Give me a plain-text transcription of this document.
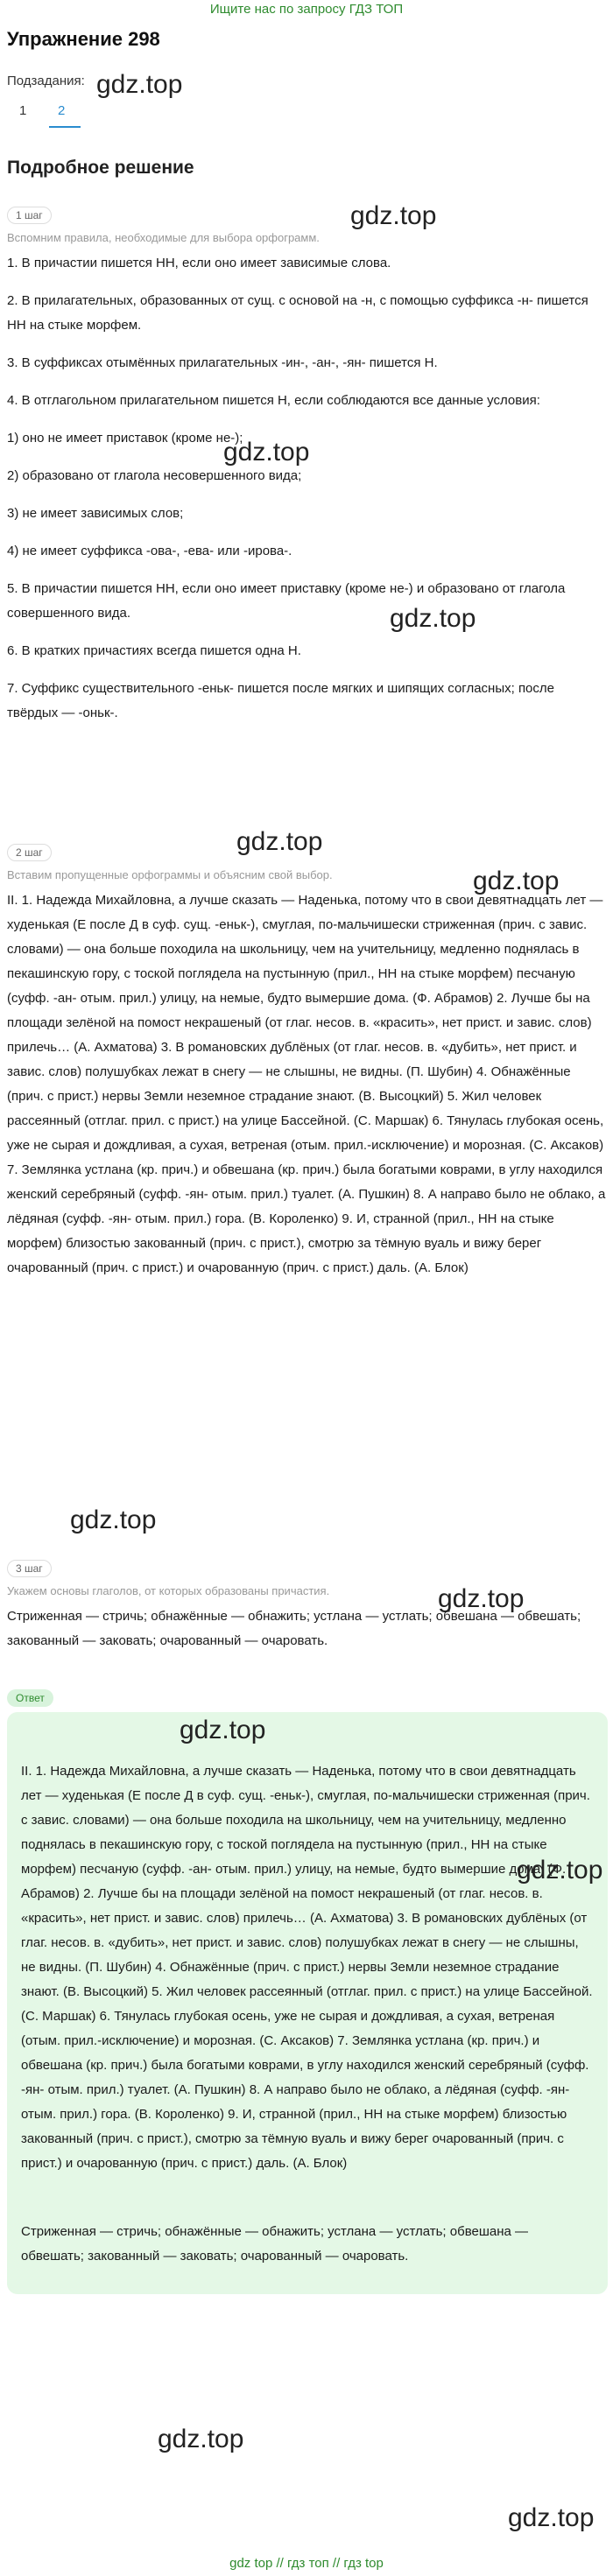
Ищите нас по запросу ГДЗ ТОП
Упражнение 298
Подзадания:
1 2
Подробное решение
1 шаг
Вспомним правила, необходимые для выбора орфограмм.

1. В причастии пишется НН, если оно имеет зависимые слова.

2. В прилагательных, образованных от сущ. с основой на -н, с помощью суффикса -н- пишется НН на стыке морфем.

3. В суффиксах отымённых прилагательных -ин-, -ан-, -ян- пишется Н.

4. В отглагольном прилагательном пишется Н, если соблюдаются все данные условия:

1) оно не имеет приставок (кроме не-);

2) образовано от глагола несовершенного вида;

3) не имеет зависимых слов;

4) не имеет суффикса -ова-, -ева- или -ирова-.

5. В причастии пишется НН, если оно имеет приставку (кроме не-) и образовано от глагола совершенного вида.

6. В кратких причастиях всегда пишется одна Н.

7. Суффикс существительного -еньк- пишется после мягких и шипящих согласных; после твёрдых — -оньк-.

2 шаг
Вставим пропущенные орфограммы и объясним свой выбор.

II. 1. Надежда Михайловна, а лучше сказать — Наденька, потому что в свои девятнадцать лет — худенькая (Е после Д в суф. сущ. -еньк-), смуглая, по-мальчишески стриженная (прич. с завис. словами) — она больше походила на школьницу, чем на учительницу, медленно поднялась в пекашинскую гору, с тоской поглядела на пустынную (прил., НН на стыке морфем) песчаную (суфф. -ан- отым. прил.) улицу, на немые, будто вымершие дома. (Ф. Абрамов) 2. Лучше бы на площади зелёной на помост некрашеный (от глаг. несов. в. «красить», нет прист. и завис. слов) прилечь… (А. Ахматова) 3. В романовских дублёных (от глаг. несов. в. «дубить», нет прист. и завис. слов) полушубках лежат в снегу — не слышны, не видны. (П. Шубин) 4. Обнажённые (прич. с прист.) нервы Земли неземное страдание знают. (В. Высоцкий) 5. Жил человек рассеянный (отглаг. прил. с прист.) на улице Бассейной. (С. Маршак) 6. Тянулась глубокая осень, уже не сырая и дождливая, а сухая, ветреная (отым. прил.-исключение) и морозная. (С. Аксаков) 7. Землянка устлана (кр. прич.) и обвешана (кр. прич.) была богатыми коврами, в углу находился женский серебряный (суфф. -ян- отым. прил.) туалет. (А. Пушкин) 8. А направо было не облако, а лёдяная (суфф. -ян- отым. прил.) гора. (В. Короленко) 9. И, странной (прил., НН на стыке морфем) близостью закованный (прич. с прист.), смотрю за тёмную вуаль и вижу берег очарованный (прич. с прист.) и очарованную (прич. с прист.) даль. (А. Блок)

3 шаг
Укажем основы глаголов, от которых образованы причастия.

Стриженная — стричь; обнажённые — обнажить; устлана — устлать; обвешана — обвешать; закованный — заковать; очарованный — очаровать.

Ответ

II. 1. Надежда Михайловна, а лучше сказать — Наденька, потому что в свои девятнадцать лет — худенькая (Е после Д в суф. сущ. -еньк-), смуглая, по-мальчишески стриженная (прич. с завис. словами) — она больше походила на школьницу, чем на учительницу, медленно поднялась в пекашинскую гору, с тоской поглядела на пустынную (прил., НН на стыке морфем) песчаную (суфф. -ан- отым. прил.) улицу, на немые, будто вымершие дома. (Ф. Абрамов) 2. Лучше бы на площади зелёной на помост некрашеный (от глаг. несов. в. «красить», нет прист. и завис. слов) прилечь… (А. Ахматова) 3. В романовских дублёных (от глаг. несов. в. «дубить», нет прист. и завис. слов) полушубках лежат в снегу — не слышны, не видны. (П. Шубин) 4. Обнажённые (прич. с прист.) нервы Земли неземное страдание знают. (В. Высоцкий) 5. Жил человек рассеянный (отглаг. прил. с прист.) на улице Бассейной. (С. Маршак) 6. Тянулась глубокая осень, уже не сырая и дождливая, а сухая, ветреная (отым. прил.-исключение) и морозная. (С. Аксаков) 7. Землянка устлана (кр. прич.) и обвешана (кр. прич.) была богатыми коврами, в углу находился женский серебряный (суфф. -ян- отым. прил.) туалет. (А. Пушкин) 8. А направо было не облако, а лёдяная (суфф. -ян- отым. прил.) гора. (В. Короленко) 9. И, странной (прил., НН на стыке морфем) близостью закованный (прич. с прист.), смотрю за тёмную вуаль и вижу берег очарованный (прич. с прист.) и очарованную (прич. с прист.) даль. (А. Блок)

Стриженная — стричь; обнажённые — обнажить; устлана — устлать; обвешана — обвешать; закованный — заковать; очарованный — очаровать.

gdz.top
gdz.top
gdz.top
gdz.top
gdz.top
gdz.top
gdz.top
gdz.top
gdz.top
gdz.top
gdz.top
gdz.top
gdz top // гдз топ // гдз top
